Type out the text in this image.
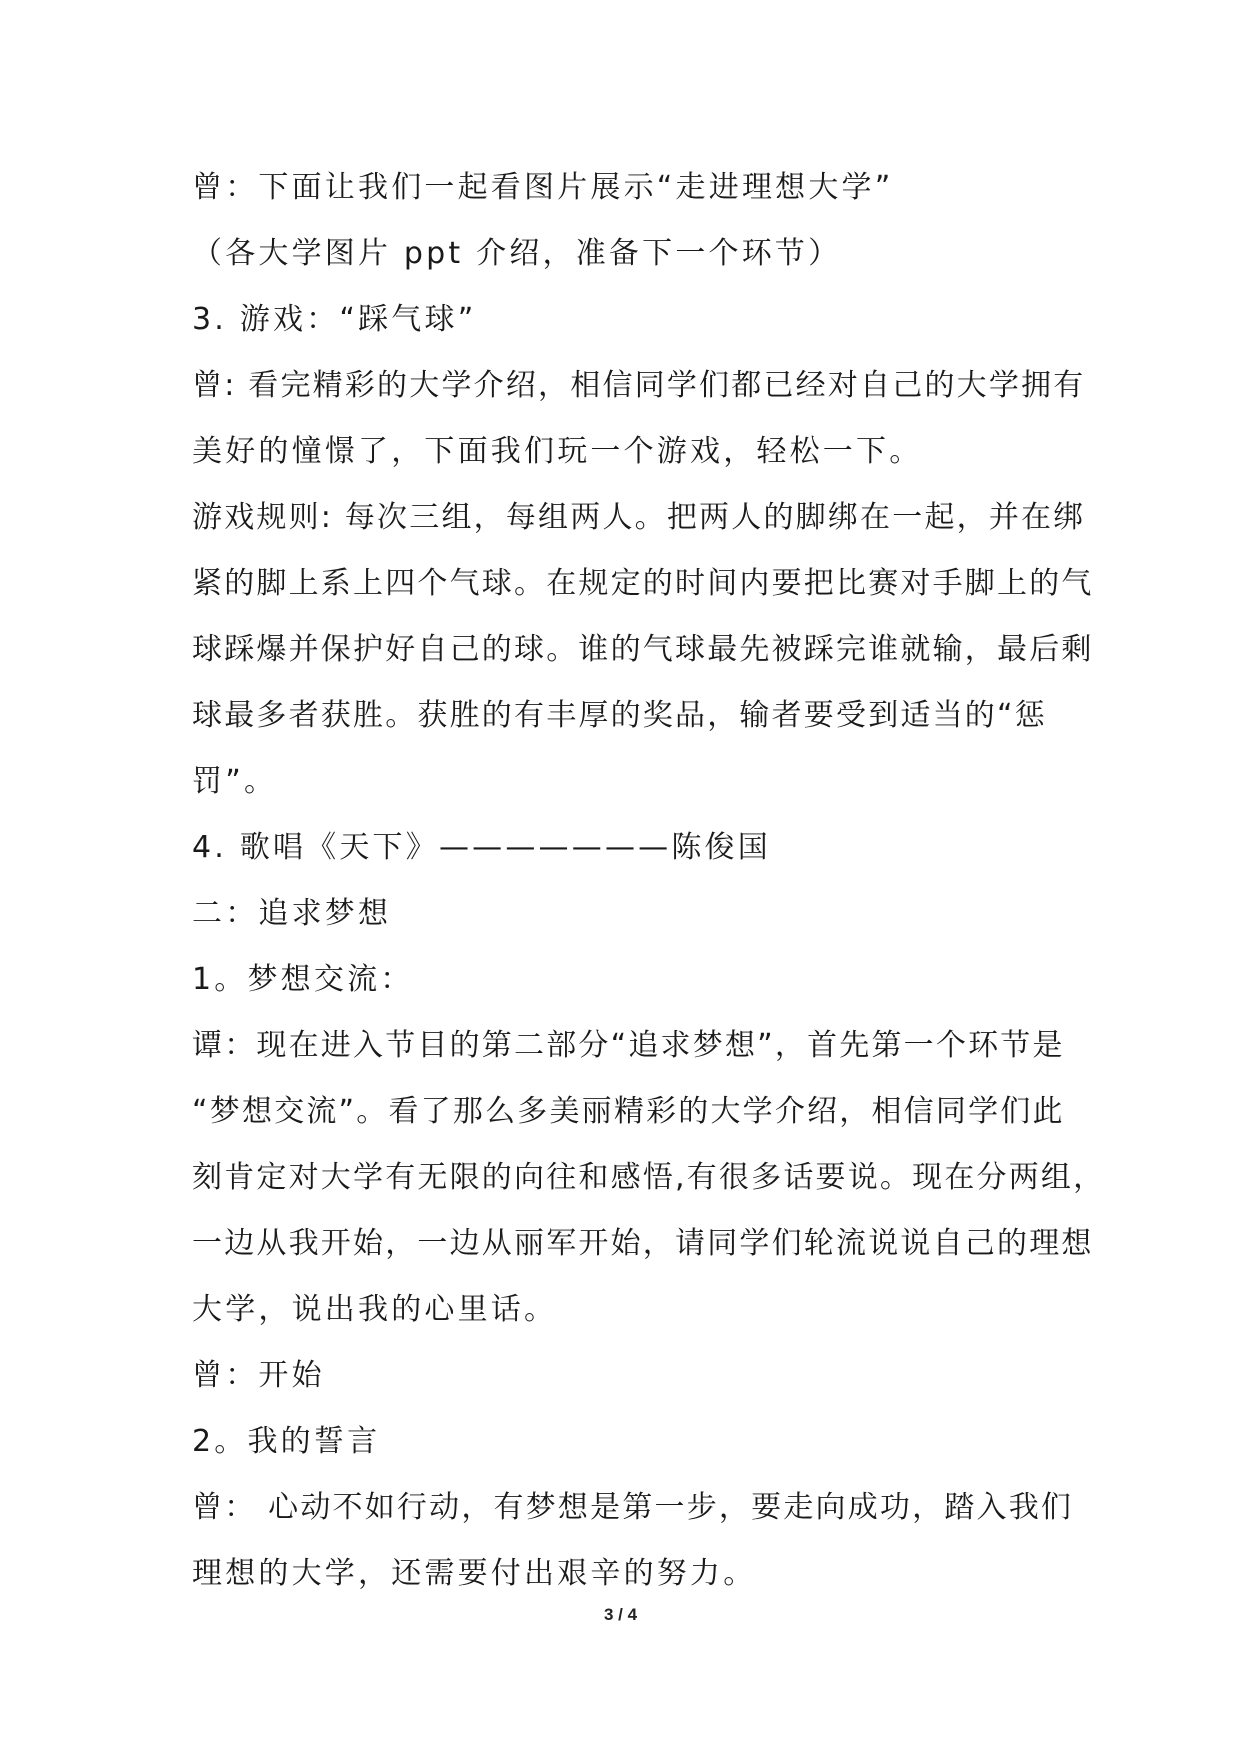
曾：下面让我们一起看图片展示“走进理想大学”
（各大学图片 ppt 介绍，准备下一个环节）
3. 游戏：“踩气球”
曾: 看完精彩的大学介绍，相信同学们都已经对自己的大学拥有
美好的憧憬了，下面我们玩一个游戏，轻松一下。
游戏规则: 每次三组，每组两人。把两人的脚绑在一起，并在绑
紧的脚上系上四个气球。在规定的时间内要把比赛对手脚上的气
球踩爆并保护好自己的球。谁的气球最先被踩完谁就输，最后剩
球最多者获胜。获胜的有丰厚的奖品，输者要受到适当的“惩
罚”。
4. 歌唱《天下》———————陈俊国
二：追求梦想
1。梦想交流：
谭：现在进入节目的第二部分“追求梦想”，首先第一个环节是
“梦想交流”。看了那么多美丽精彩的大学介绍，相信同学们此
刻肯定对大学有无限的向往和感悟,有很多话要说。现在分两组，
一边从我开始，一边从丽军开始，请同学们轮流说说自己的理想
大学，说出我的心里话。
曾：开始
2。我的誓言
曾： 心动不如行动，有梦想是第一步，要走向成功，踏入我们
理想的大学，还需要付出艰辛的努力。
3 / 4
